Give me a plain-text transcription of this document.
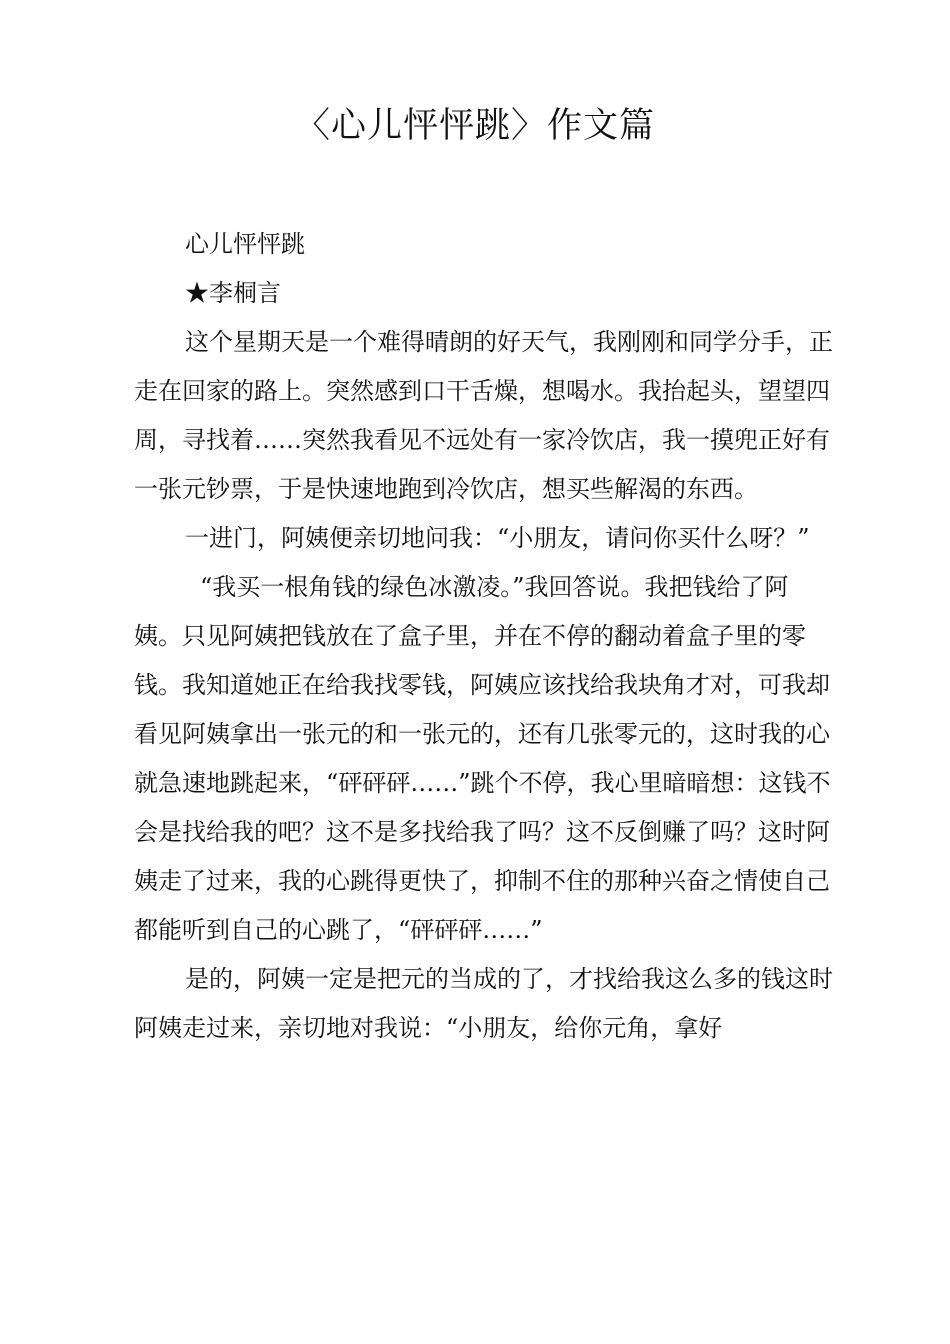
〈心儿怦怦跳〉作文篇

心儿怦怦跳

★李桐言

这个星期天是一个难得晴朗的好天气，我刚刚和同学分手，正走在回家的路上。突然感到口干舌燥，想喝水。我抬起头，望望四周，寻找着……突然我看见不远处有一家冷饮店，我一摸兜正好有一张元钞票，于是快速地跑到冷饮店，想买些解渴的东西。

一进门，阿姨便亲切地问我：“小朋友，请问你买什么呀？”

“我买一根角钱的绿色冰激凌。”我回答说。我把钱给了阿姨。只见阿姨把钱放在了盒子里，并在不停的翻动着盒子里的零钱。我知道她正在给我找零钱，阿姨应该找给我块角才对，可我却看见阿姨拿出一张元的和一张元的，还有几张零元的，这时我的心就急速地跳起来，“砰砰砰……”跳个不停，我心里暗暗想：这钱不会是找给我的吧？这不是多找给我了吗？这不反倒赚了吗？这时阿姨走了过来，我的心跳得更快了，抑制不住的那种兴奋之情使自己都能听到自己的心跳了，“砰砰砰……”

是的，阿姨一定是把元的当成的了，才找给我这么多的钱这时阿姨走过来，亲切地对我说：“小朋友，给你元角，拿好
